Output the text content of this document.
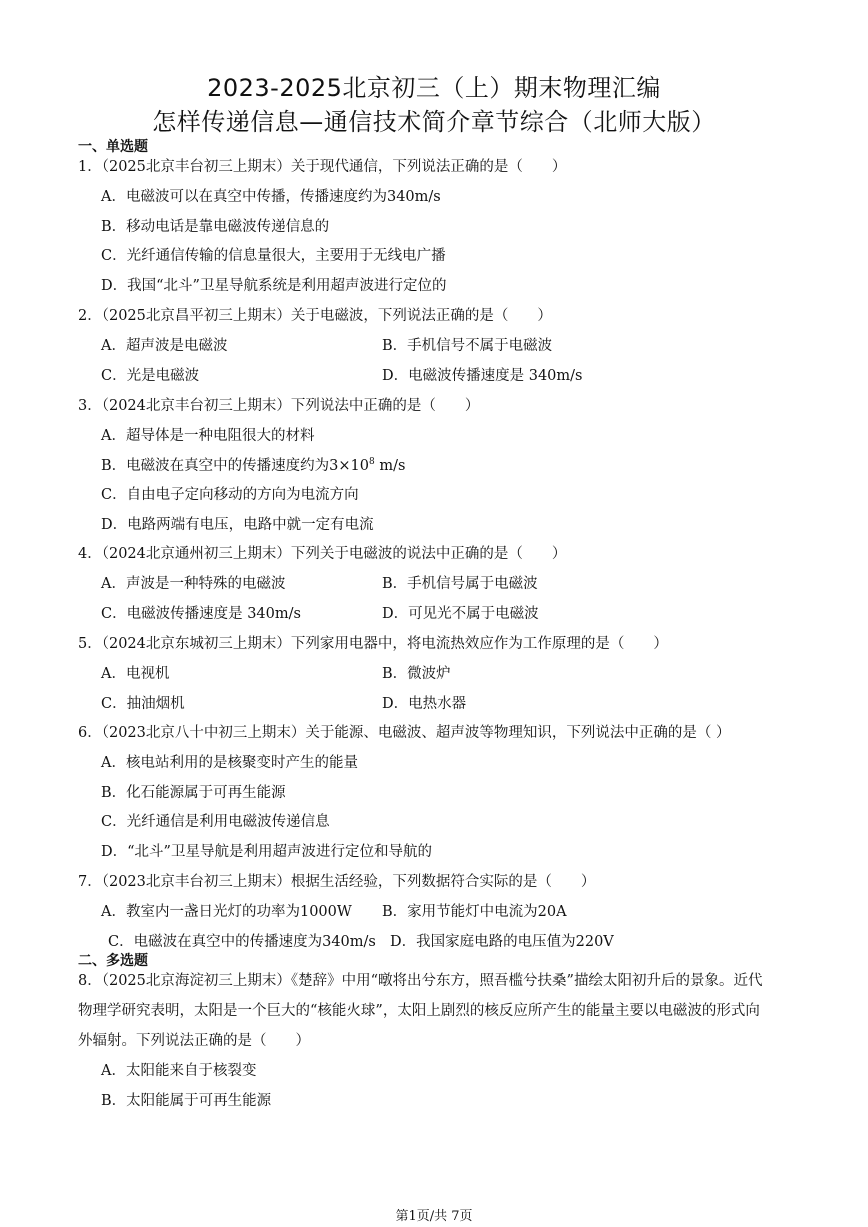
2023-2025北京初三（上）期末物理汇编
怎样传递信息—通信技术简介章节综合（北师大版）
一、单选题
1．（2025北京丰台初三上期末）关于现代通信，下列说法正确的是（　　）
A．电磁波可以在真空中传播，传播速度约为340m/s
B．移动电话是靠电磁波传递信息的
C．光纤通信传输的信息量很大，主要用于无线电广播
D．我国“北斗”卫星导航系统是利用超声波进行定位的
2．（2025北京昌平初三上期末）关于电磁波，下列说法正确的是（　　）
A．超声波是电磁波	B．手机信号不属于电磁波
C．光是电磁波	D．电磁波传播速度是 340m/s
3．（2024北京丰台初三上期末）下列说法中正确的是（　　）
A．超导体是一种电阻很大的材料
B．电磁波在真空中的传播速度约为$3\times 10^8$ m/s
C．自由电子定向移动的方向为电流方向
D．电路两端有电压，电路中就一定有电流
4．（2024北京通州初三上期末）下列关于电磁波的说法中正确的是（　　）
A．声波是一种特殊的电磁波	B．手机信号属于电磁波
C．电磁波传播速度是 340m/s	D．可见光不属于电磁波
5．（2024北京东城初三上期末）下列家用电器中，将电流热效应作为工作原理的是（　　）
A．电视机	B．微波炉
C．抽油烟机	D．电热水器
6．（2023北京八十中初三上期末）关于能源、电磁波、超声波等物理知识，下列说法中正确的是（ ）
A．核电站利用的是核聚变时产生的能量
B．化石能源属于可再生能源
C．光纤通信是利用电磁波传递信息
D．“北斗”卫星导航是利用超声波进行定位和导航的
7．（2023北京丰台初三上期末）根据生活经验，下列数据符合实际的是（　　）
A．教室内一盏日光灯的功率为1000W B．家用节能灯中电流为20A
C．电磁波在真空中的传播速度为340m/s D．我国家庭电路的电压值为220V
二、多选题
8．（2025北京海淀初三上期末）《楚辞》中用“暾将出兮东方，照吾槛兮扶桑”描绘太阳初升后的景象。近代
物理学研究表明，太阳是一个巨大的“核能火球”，太阳上剧烈的核反应所产生的能量主要以电磁波的形式向
外辐射。下列说法正确的是（　　）
A．太阳能来自于核裂变
B．太阳能属于可再生能源
第1页/共 7页
